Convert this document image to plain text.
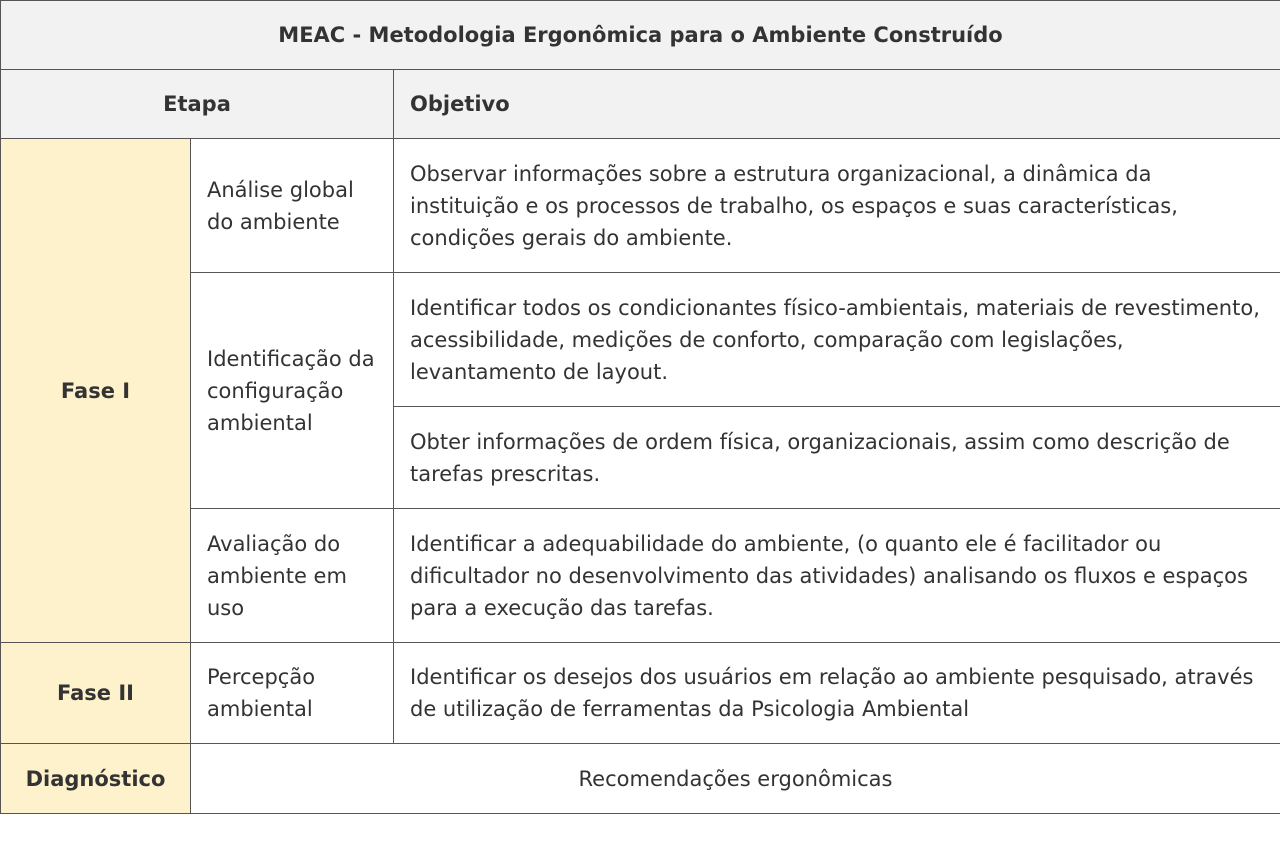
MEAC - Metodologia Ergonômica para o Ambiente Construído		
Etapa		Objetivo
Fase I	Análise global do ambiente	Observar informações sobre a estrutura organizacional, a dinâmica da instituição e os processos de trabalho, os espaços e suas características, condições gerais do ambiente.
	Identificação da configuração ambiental	Identificar todos os condicionantes físico-ambientais, materiais de revestimento, acessibilidade, medições de conforto, comparação com legislações, levantamento de layout.
		Obter informações de ordem física, organizacionais, assim como descrição de tarefas prescritas.
	Avaliação do ambiente em uso	Identificar a adequabilidade do ambiente, (o quanto ele é facilitador ou dificultador no desenvolvimento das atividades) analisando os fluxos e espaços para a execução das tarefas.
Fase II	Percepção ambiental	Identificar os desejos dos usuários em relação ao ambiente pesquisado, através de utilização de ferramentas da Psicologia Ambiental
Diagnóstico	Recomendações ergonômicas	
